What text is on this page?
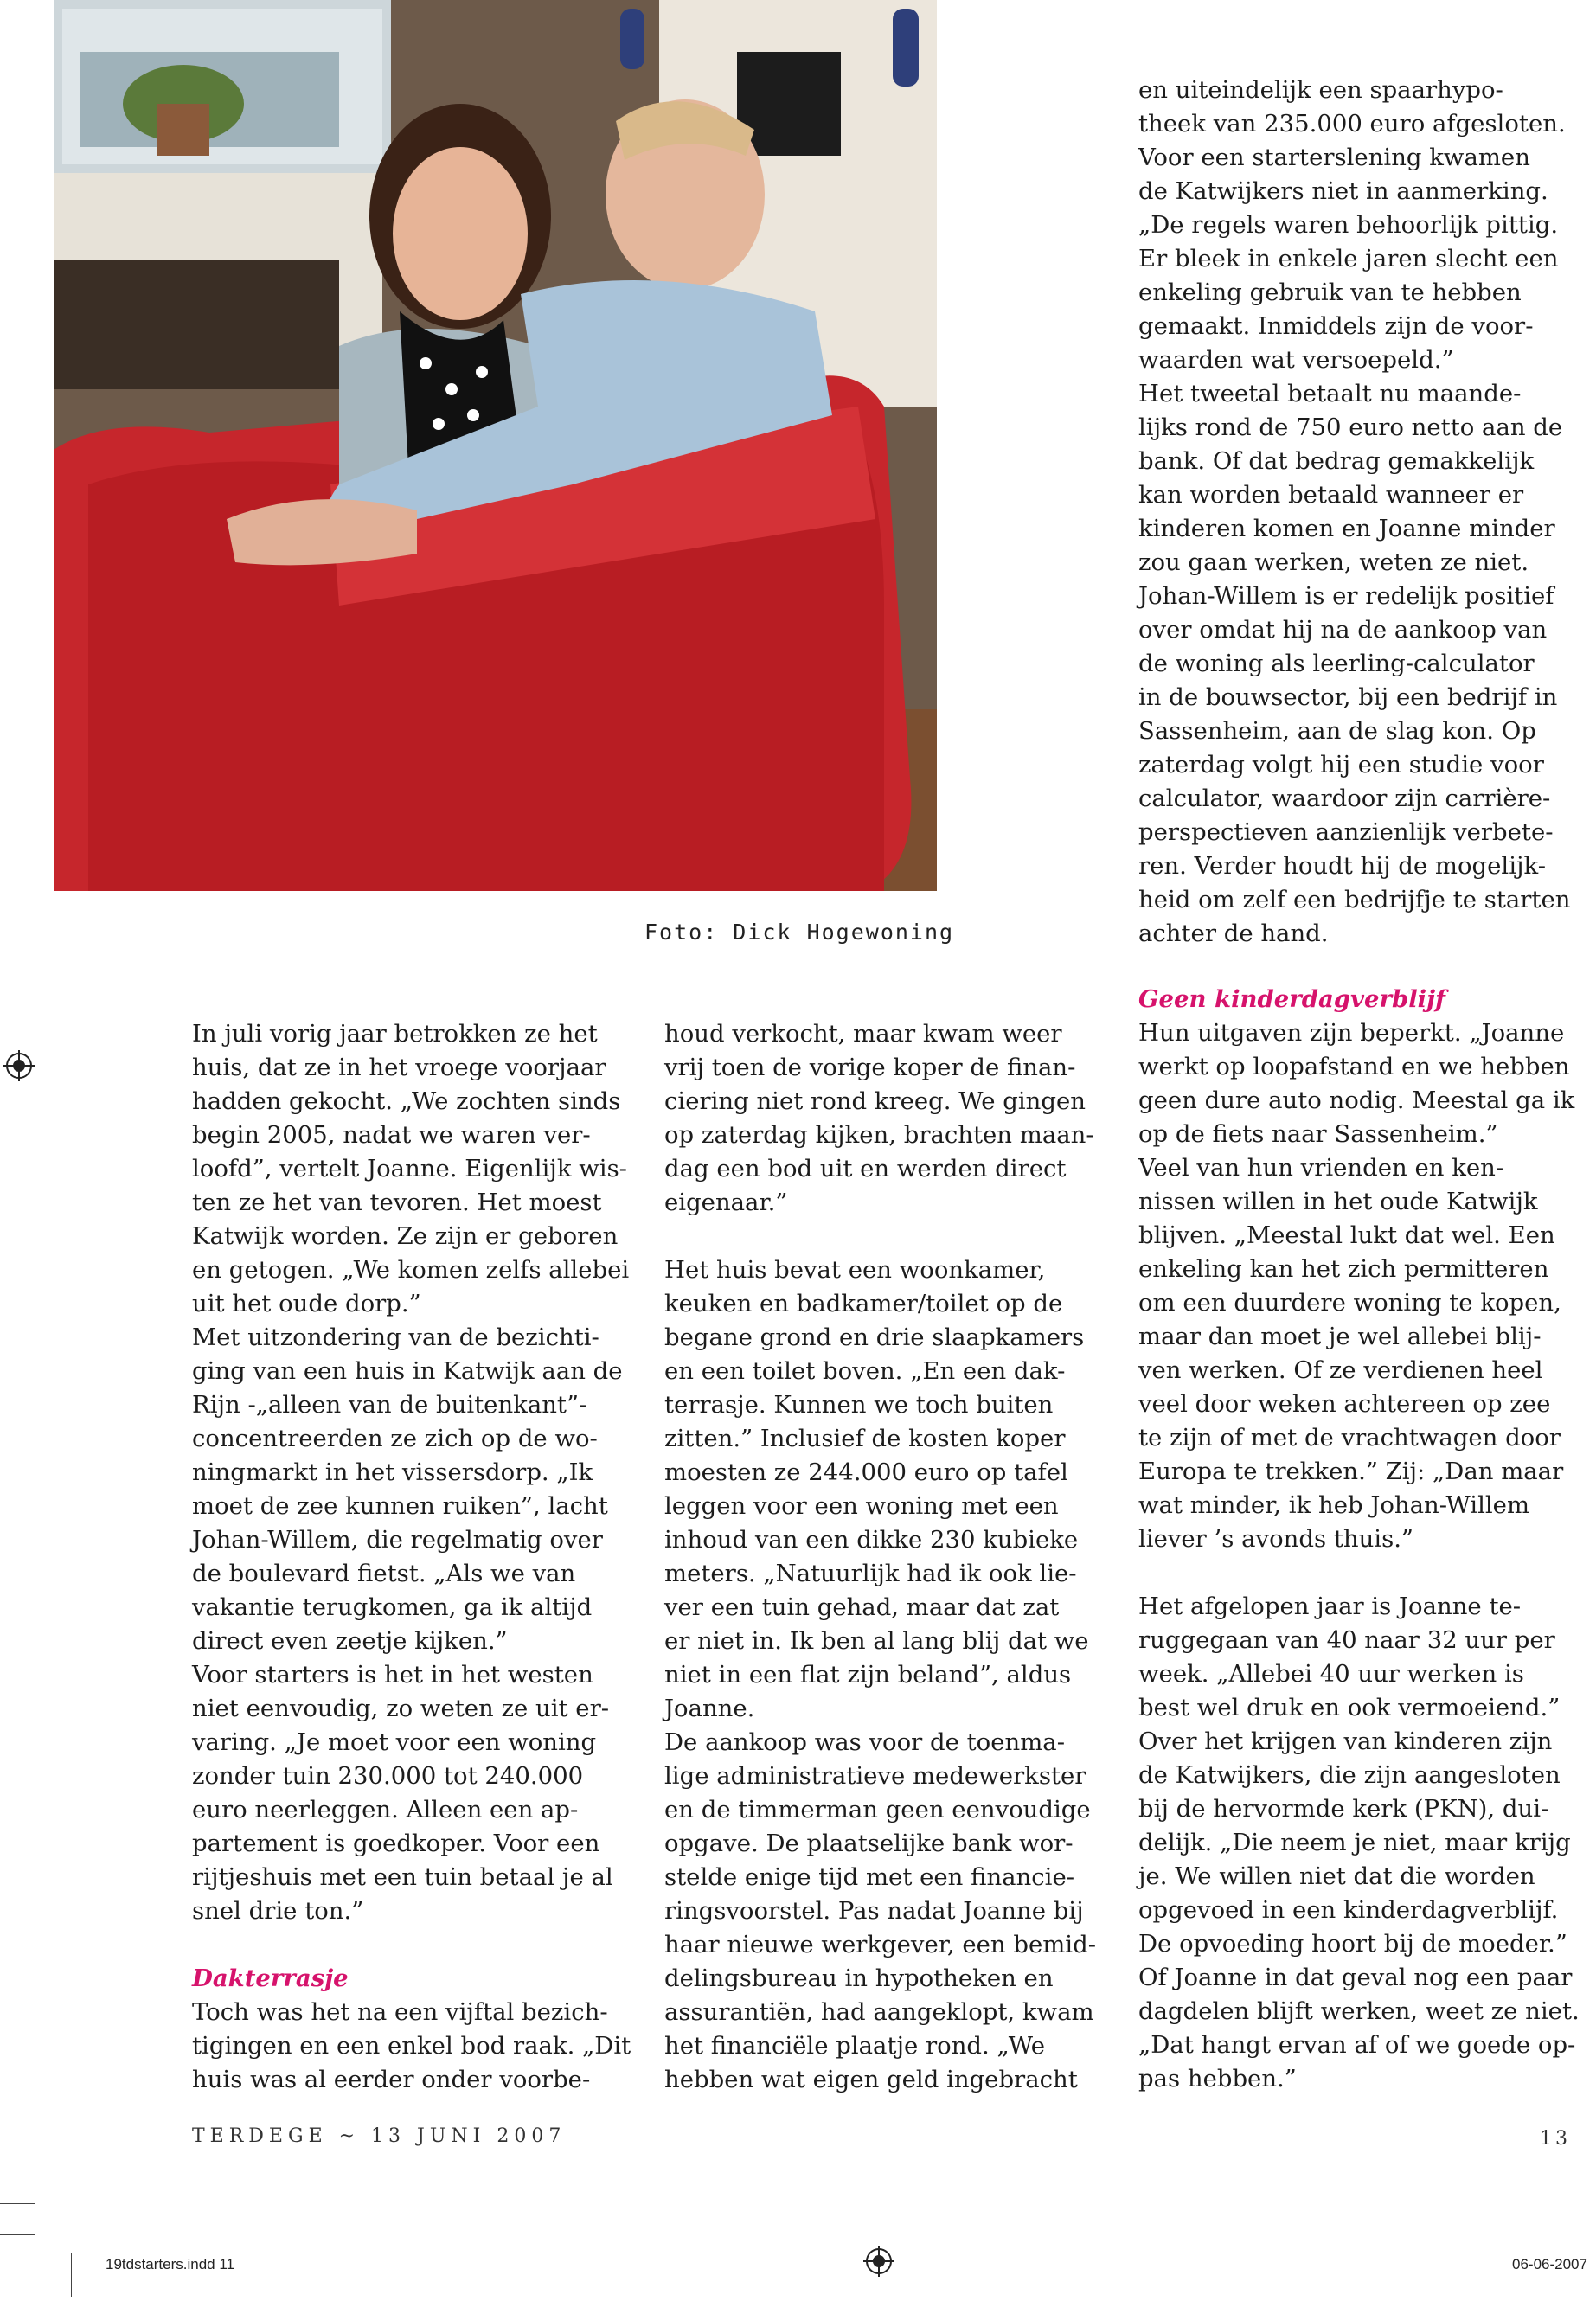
Foto: Dick Hogewoning

en uiteindelijk een spaarhypo-

theek van 235.000 euro afgesloten.

Voor een starterslening kwamen

de Katwijkers niet in aanmerking.

„De regels waren behoorlijk pittig.

Er bleek in enkele jaren slecht een

enkeling gebruik van te hebben

gemaakt. Inmiddels zijn de voor-

waarden wat versoepeld.”

Het tweetal betaalt nu maande-

lijks rond de 750 euro netto aan de

bank. Of dat bedrag gemakkelijk

kan worden betaald wanneer er

kinderen komen en Joanne minder

zou gaan werken, weten ze niet.

Johan-Willem is er redelijk positief

over omdat hij na de aankoop van

de woning als leerling-calculator

in de bouwsector, bij een bedrijf in

Sassenheim, aan de slag kon. Op

zaterdag volgt hij een studie voor

calculator, waardoor zijn carrière-

perspectieven aanzienlijk verbete-

ren. Verder houdt hij de mogelijk-

heid om zelf een bedrijfje te starten

achter de hand.

In juli vorig jaar betrokken ze het

huis, dat ze in het vroege voorjaar

hadden gekocht. „We zochten sinds

begin 2005, nadat we waren ver-

loofd”, vertelt Joanne. Eigenlijk wis-

ten ze het van tevoren. Het moest

Katwijk worden. Ze zijn er geboren

en getogen. „We komen zelfs allebei

uit het oude dorp.”

Met uitzondering van de bezichti-

ging van een huis in Katwijk aan de

Rijn -„alleen van de buitenkant”-

concentreerden ze zich op de wo-

ningmarkt in het vissersdorp. „Ik

moet de zee kunnen ruiken”, lacht

Johan-Willem, die regelmatig over

de boulevard fietst. „Als we van

vakantie terugkomen, ga ik altijd

direct even zeetje kijken.”

Voor starters is het in het westen

niet eenvoudig, zo weten ze uit er-

varing. „Je moet voor een woning

zonder tuin 230.000 tot 240.000

euro neerleggen. Alleen een ap-

partement is goedkoper. Voor een

rijtjeshuis met een tuin betaal je al

snel drie ton.”

Dakterrasje

Toch was het na een vijftal bezich-

tigingen en een enkel bod raak. „Dit

huis was al eerder onder voorbe-

houd verkocht, maar kwam weer

vrij toen de vorige koper de finan-

ciering niet rond kreeg. We gingen

op zaterdag kijken, brachten maan-

dag een bod uit en werden direct

eigenaar.”

Het huis bevat een woonkamer,

keuken en badkamer/toilet op de

begane grond en drie slaapkamers

en een toilet boven. „En een dak-

terrasje. Kunnen we toch buiten

zitten.” Inclusief de kosten koper

moesten ze 244.000 euro op tafel

leggen voor een woning met een

inhoud van een dikke 230 kubieke

meters. „Natuurlijk had ik ook lie-

ver een tuin gehad, maar dat zat

er niet in. Ik ben al lang blij dat we

niet in een flat zijn beland”, aldus

Joanne.

De aankoop was voor de toenma-

lige administratieve medewerkster

en de timmerman geen eenvoudige

opgave. De plaatselijke bank wor-

stelde enige tijd met een financie-

ringsvoorstel. Pas nadat Joanne bij

haar nieuwe werkgever, een bemid-

delingsbureau in hypotheken en

assurantiën, had aangeklopt, kwam

het financiële plaatje rond. „We

hebben wat eigen geld ingebracht

Geen kinderdagverblijf

Hun uitgaven zijn beperkt. „Joanne

werkt op loopafstand en we hebben

geen dure auto nodig. Meestal ga ik

op de fiets naar Sassenheim.”

Veel van hun vrienden en ken-

nissen willen in het oude Katwijk

blijven. „Meestal lukt dat wel. Een

enkeling kan het zich permitteren

om een duurdere woning te kopen,

maar dan moet je wel allebei blij-

ven werken. Of ze verdienen heel

veel door weken achtereen op zee

te zijn of met de vrachtwagen door

Europa te trekken.” Zij: „Dan maar

wat minder, ik heb Johan-Willem

liever ’s avonds thuis.”

Het afgelopen jaar is Joanne te-

ruggegaan van 40 naar 32 uur per

week. „Allebei 40 uur werken is

best wel druk en ook vermoeiend.”

Over het krijgen van kinderen zijn

de Katwijkers, die zijn aangesloten

bij de hervormde kerk (PKN), dui-

delijk. „Die neem je niet, maar krijg

je. We willen niet dat die worden

opgevoed in een kinderdagverblijf.

De opvoeding hoort bij de moeder.”

Of Joanne in dat geval nog een paar

dagdelen blijft werken, weet ze niet.

„Dat hangt ervan af of we goede op-

pas hebben.”

TERDEGE ~ 13 JUNI 2007	13
19tdstarters.indd 11	06-06-2007
